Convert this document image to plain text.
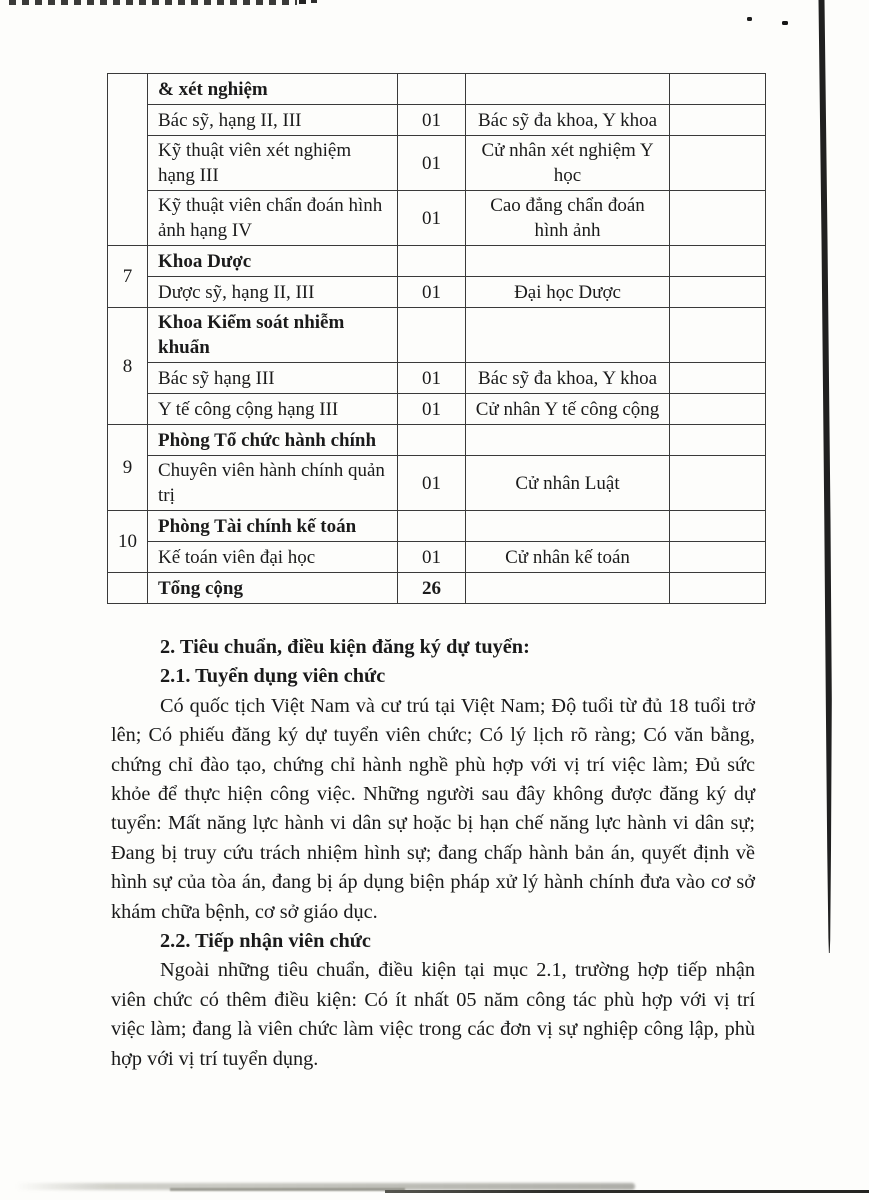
	& xét nghiệm			
	Bác sỹ, hạng II, III	01	Bác sỹ đa khoa, Y khoa	
	Kỹ thuật viên xét nghiệm hạng III	01	Cử nhân xét nghiệm Y học	
	Kỹ thuật viên chẩn đoán hình ảnh hạng IV	01	Cao đẳng chẩn đoán hình ảnh	
7	Khoa Dược			
	Dược sỹ, hạng II, III	01	Đại học Dược	
8	Khoa Kiểm soát nhiễm khuẩn			
	Bác sỹ hạng III	01	Bác sỹ đa khoa, Y khoa	
	Y tế công cộng hạng III	01	Cử nhân Y tế công cộng	
9	Phòng Tổ chức hành chính			
	Chuyên viên hành chính quản trị	01	Cử nhân Luật	
10	Phòng Tài chính kế toán			
	Kế toán viên đại học	01	Cử nhân kế toán	
	Tổng cộng	26		

2. Tiêu chuẩn, điều kiện đăng ký dự tuyển:

2.1. Tuyển dụng viên chức

Có quốc tịch Việt Nam và cư trú tại Việt Nam; Độ tuổi từ đủ 18 tuổi trở lên; Có phiếu đăng ký dự tuyển viên chức; Có lý lịch rõ ràng; Có văn bằng, chứng chỉ đào tạo, chứng chỉ hành nghề phù hợp với vị trí việc làm; Đủ sức khỏe để thực hiện công việc. Những người sau đây không được đăng ký dự tuyển: Mất năng lực hành vi dân sự hoặc bị hạn chế năng lực hành vi dân sự; Đang bị truy cứu trách nhiệm hình sự; đang chấp hành bản án, quyết định về hình sự của tòa án, đang bị áp dụng biện pháp xử lý hành chính đưa vào cơ sở khám chữa bệnh, cơ sở giáo dục.

2.2. Tiếp nhận viên chức

Ngoài những tiêu chuẩn, điều kiện tại mục 2.1, trường hợp tiếp nhận viên chức có thêm điều kiện: Có ít nhất 05 năm công tác phù hợp với vị trí việc làm; đang là viên chức làm việc trong các đơn vị sự nghiệp công lập, phù hợp với vị trí tuyển dụng.
